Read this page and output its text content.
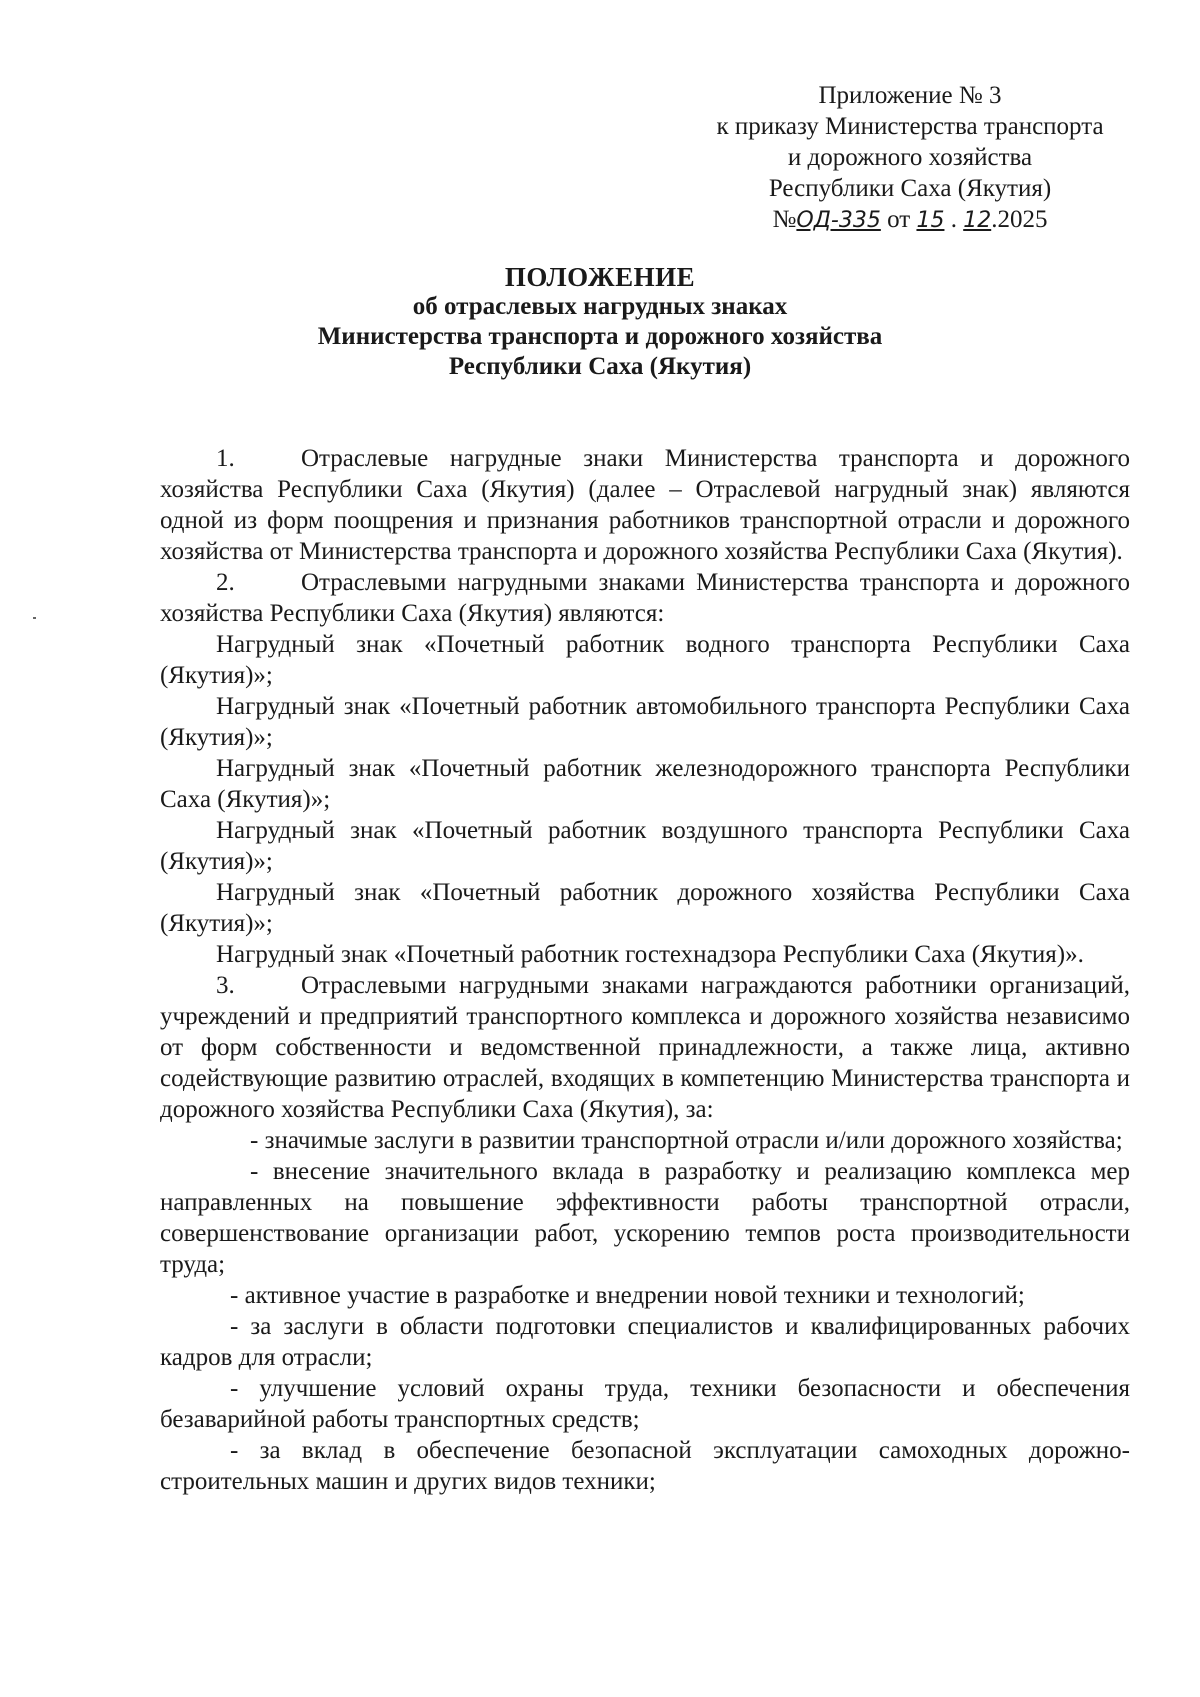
Приложение № 3
к приказу Министерства транспорта
и дорожного хозяйства
Республики Саха (Якутия)
№ОД-335 от 15 . 12.2025
ПОЛОЖЕНИЕ
об отраслевых нагрудных знаках
Министерства транспорта и дорожного хозяйства
Республики Саха (Якутия)

1.	Отраслевые нагрудные знаки Министерства транспорта и дорожного хозяйства Республики Саха (Якутия) (далее – Отраслевой нагрудный знак) являются одной из форм поощрения и признания работников транспортной отрасли и дорожного хозяйства от Министерства транспорта и дорожного хозяйства Республики Саха (Якутия).

2.	Отраслевыми нагрудными знаками Министерства транспорта и дорожного хозяйства Республики Саха (Якутия) являются:

Нагрудный знак «Почетный работник водного транспорта Республики Саха (Якутия)»;

Нагрудный знак «Почетный работник автомобильного транспорта Республики Саха (Якутия)»;

Нагрудный знак «Почетный работник железнодорожного транспорта Республики Саха (Якутия)»;

Нагрудный знак «Почетный работник воздушного транспорта Республики Саха (Якутия)»;

Нагрудный знак «Почетный работник дорожного хозяйства Республики Саха (Якутия)»;

Нагрудный знак «Почетный работник гостехнадзора Республики Саха (Якутия)».

3.	Отраслевыми нагрудными знаками награждаются работники организаций, учреждений и предприятий транспортного комплекса и дорожного хозяйства независимо от форм собственности и ведомственной принадлежности, а также лица, активно содействующие развитию отраслей, входящих в компетенцию Министерства транспорта и дорожного хозяйства Республики Саха (Якутия), за:

- значимые заслуги в развитии транспортной отрасли и/или дорожного хозяйства;

- внесение значительного вклада в разработку и реализацию комплекса мер направленных на повышение эффективности работы транспортной отрасли, совершенствование организации работ, ускорению темпов роста производительности труда;

- активное участие в разработке и внедрении новой техники и технологий;

- за заслуги в области подготовки специалистов и квалифицированных рабочих кадров для отрасли;

- улучшение условий охраны труда, техники безопасности и обеспечения безаварийной работы транспортных средств;

- за вклад в обеспечение безопасной эксплуатации самоходных дорожно-строительных машин и других видов техники;
